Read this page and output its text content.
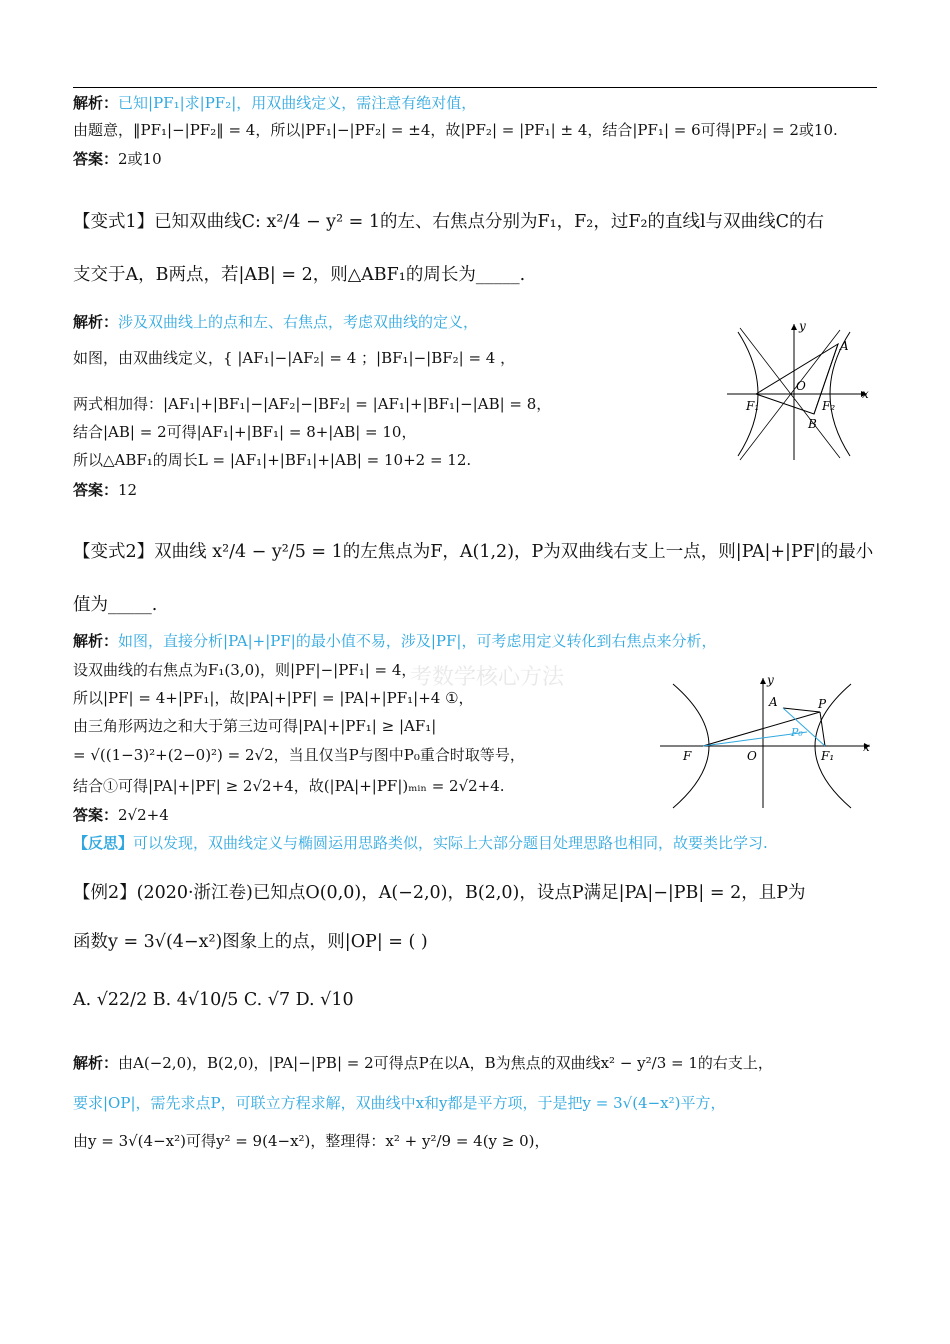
解析：已知|PF₁|求|PF₂|，用双曲线定义，需注意有绝对值，
由题意，‖PF₁|−|PF₂‖ = 4，所以|PF₁|−|PF₂| = ±4，故|PF₂| = |PF₁| ± 4，结合|PF₁| = 6可得|PF₂| = 2或10.
答案：2或10
【变式1】已知双曲线C: x²/4 − y² = 1的左、右焦点分别为F₁，F₂，过F₂的直线l与双曲线C的右
支交于A，B两点，若|AB| = 2，则△ABF₁的周长为_____.
解析：涉及双曲线上的点和左、右焦点，考虑双曲线的定义，
如图，由双曲线定义，{ |AF₁|−|AF₂| = 4 ；|BF₁|−|BF₂| = 4 ，
两式相加得：|AF₁|+|BF₁|−|AF₂|−|BF₂| = |AF₁|+|BF₁|−|AB| = 8，
结合|AB| = 2可得|AF₁|+|BF₁| = 8+|AB| = 10，
所以△ABF₁的周长L = |AF₁|+|BF₁|+|AB| = 10+2 = 12.
答案：12
【变式2】双曲线 x²/4 − y²/5 = 1的左焦点为F，A(1,2)，P为双曲线右支上一点，则|PA|+|PF|的最小
值为_____.
解析：如图，直接分析|PA|+|PF|的最小值不易，涉及|PF|，可考虑用定义转化到右焦点来分析，
设双曲线的右焦点为F₁(3,0)，则|PF|−|PF₁| = 4，
所以|PF| = 4+|PF₁|，故|PA|+|PF| = |PA|+|PF₁|+4 ①，
由三角形两边之和大于第三边可得|PA|+|PF₁| ≥ |AF₁|
= √((1−3)²+(2−0)²) = 2√2，当且仅当P与图中P₀重合时取等号，
结合①可得|PA|+|PF| ≥ 2√2+4，故(|PA|+|PF|)ₘᵢₙ = 2√2+4.
答案：2√2+4
【反思】可以发现，双曲线定义与椭圆运用思路类似，实际上大部分题目处理思路也相同，故要类比学习.
【例2】(2020·浙江卷)已知点O(0,0)，A(−2,0)，B(2,0)，设点P满足|PA|−|PB| = 2，且P为
函数y = 3√(4−x²)图象上的点，则|OP| = ( )
A. √22/2 B. 4√10/5 C. √7 D. √10
解析：由A(−2,0)，B(2,0)，|PA|−|PB| = 2可得点P在以A，B为焦点的双曲线x² − y²/3 = 1的右支上，
要求|OP|，需先求点P，可联立方程求解，双曲线中x和y都是平方项，于是把y = 3√(4−x²)平方，
由y = 3√(4−x²)可得y² = 9(4−x²)，整理得：x² + y²/9 = 4(y ≥ 0)，
考数学核心方法
y
x
O
A
B
F₁	F₂
y
x
O
A	P
P₀
F	F₁
